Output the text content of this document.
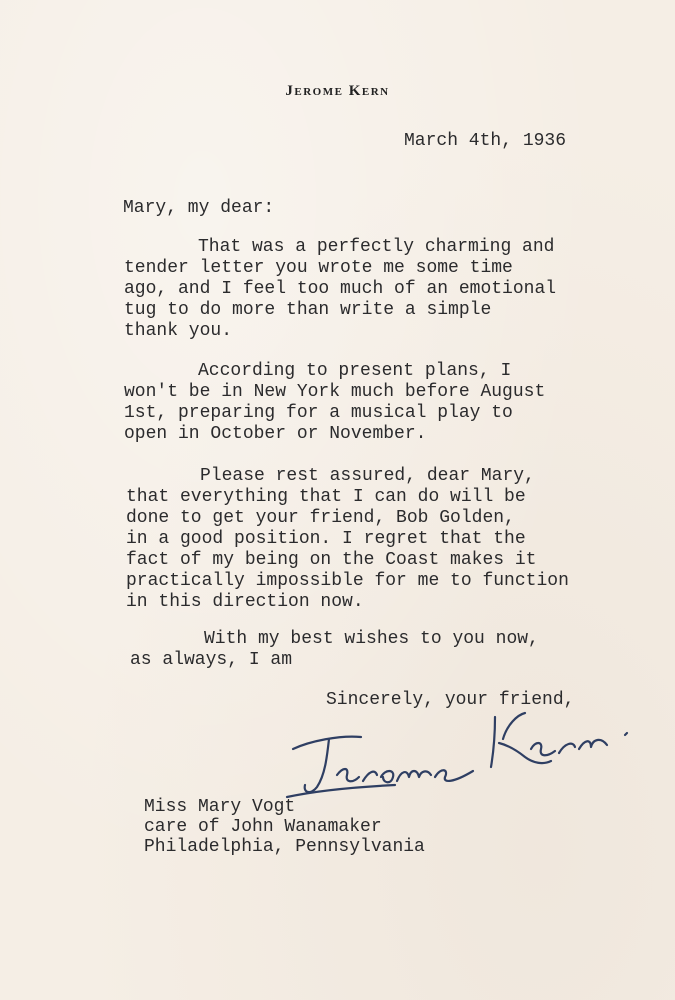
Jerome Kern
March 4th, 1936
Mary, my dear:

That was a perfectly charming and
tender letter you wrote me some time
ago, and I feel too much of an emotional
tug to do more than write a simple
thank you.

According to present plans, I
won't be in New York much before August
1st, preparing for a musical play to
open in October or November.

Please rest assured, dear Mary,
that everything that I can do will be
done to get your friend, Bob Golden,
in a good position. I regret that the
fact of my being on the Coast makes it
practically impossible for me to function
in this direction now.

With my best wishes to you now,
as always, I am

Sincerely, your friend,
Miss Mary Vogt
care of John Wanamaker
Philadelphia, Pennsylvania
